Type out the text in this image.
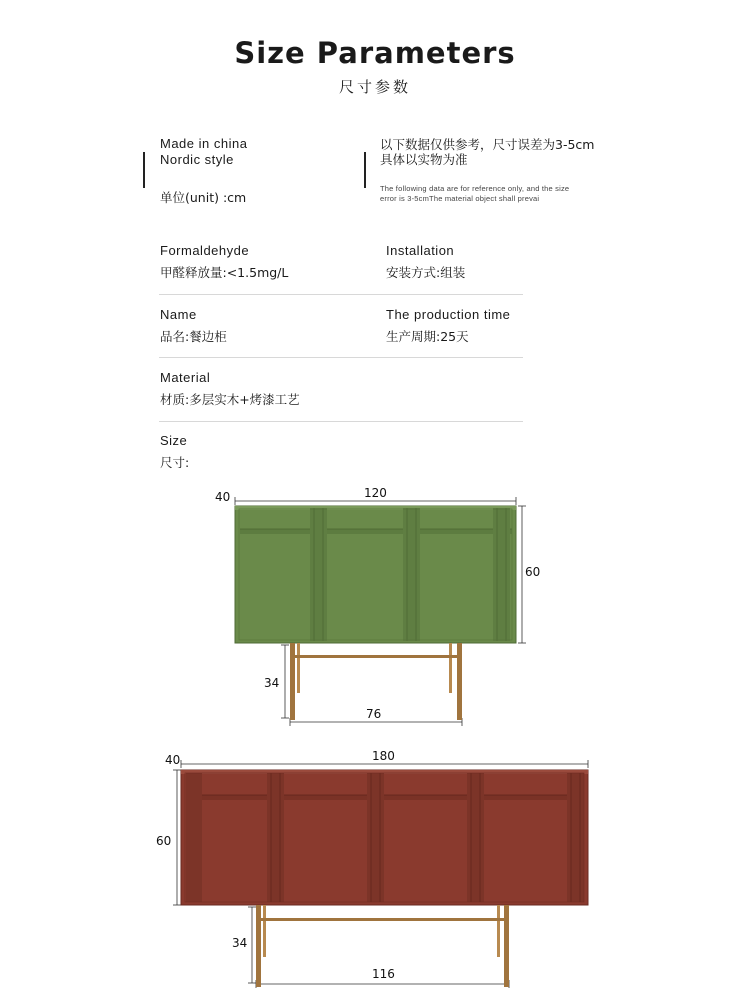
Size Parameters
尺寸参数
Made in china
Nordic style
单位(unit) :cm
以下数据仅供参考，尺寸误差为3-5cm
具体以实物为准
The following data are for reference only, and the size
error is 3-5cmThe material object shall prevai
Formaldehyde
甲醛释放量:<1.5mg/L
Installation
安装方式:组装
Name
品名:餐边柜
The production time
生产周期:25天
Material
材质:多层实木+烤漆工艺
Size
尺寸:
40	120
60
34
76
40	180
60
34
116
